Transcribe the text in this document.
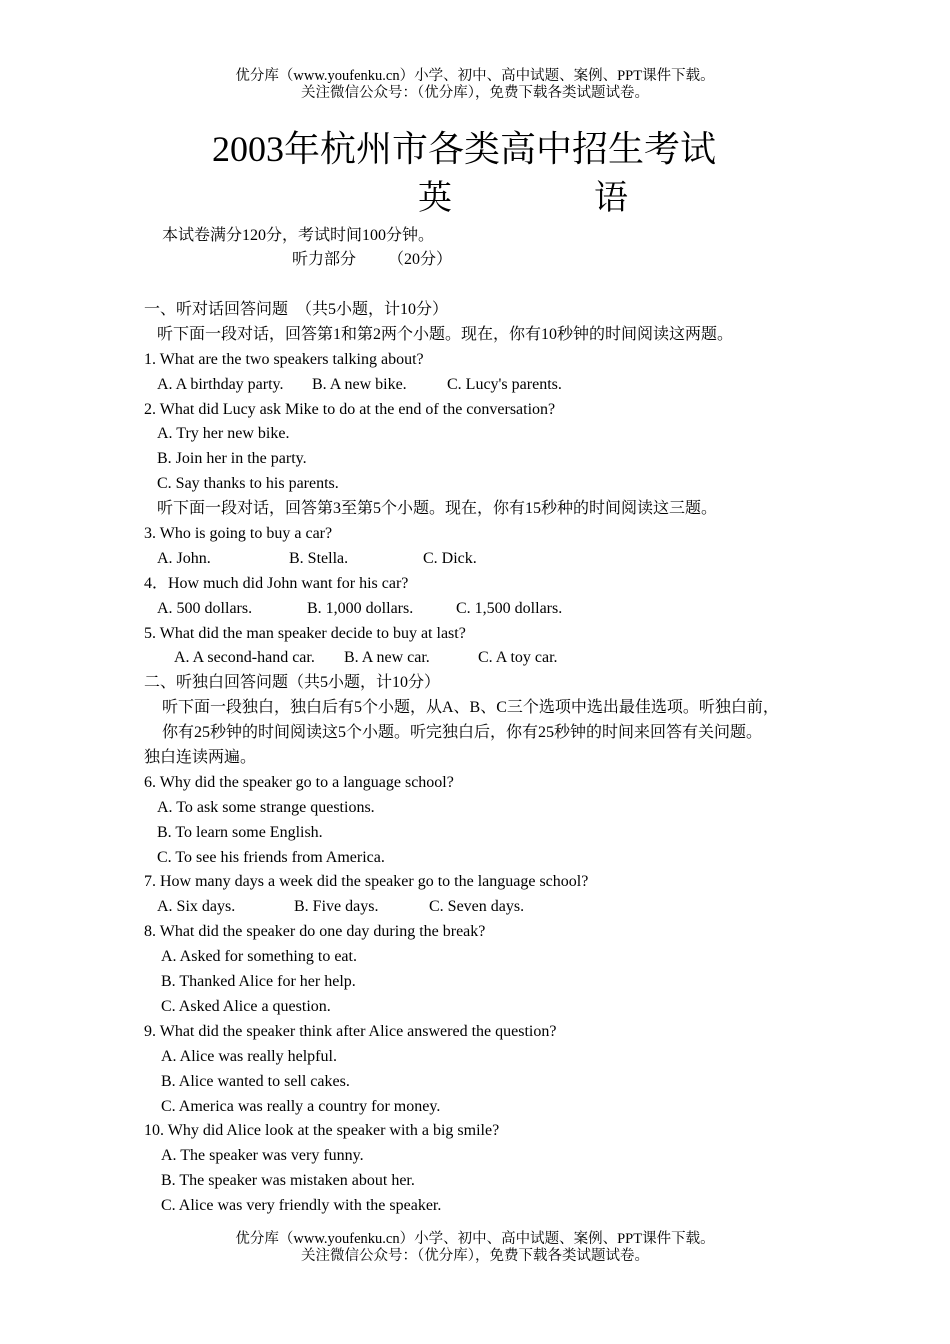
优分库（www.youfenku.cn）小学、初中、高中试题、案例、PPT课件下载。
关注微信公众号：（优分库），免费下载各类试题试卷。
2003年杭州市各类高中招生考试
英	语
本试卷满分120分，考试时间100分钟。
听力部分 （20分）
一、听对话回答问题　（共5小题，计10分）
听下面一段对话，回答第1和第2两个小题。现在，你有10秒钟的时间阅读这两题。
1. What are the two speakers talking about?
A. A birthday party. B. A new bike.	C. Lucy's parents.
2. What did Lucy ask Mike to do at the end of the conversation?
A. Try her new bike.
B. Join her in the party.
C. Say thanks to his parents.
听下面一段对话，回答第3至第5个小题。现在，你有15秒种的时间阅读这三题。
3. Who is going to buy a car?
A. John.	B. Stella.	C. Dick.
4．How much did John want for his car?
A. 500 dollars.	B. 1,000 dollars.	C. 1,500 dollars.
5. What did the man speaker decide to buy at last?
A. A second-hand car. B. A new car.	C. A toy car.
二、听独白回答问题（共5小题，计10分）
听下面一段独白，独白后有5个小题，从A、B、C三个选项中选出最佳选项。听独白前，
你有25秒钟的时间阅读这5个小题。听完独白后，你有25秒钟的时间来回答有关问题。
独白连读两遍。
6. Why did the speaker go to a language school?
A. To ask some strange questions.
B. To learn some English.
C. To see his friends from America.
7. How many days a week did the speaker go to the language school?
A. Six days.	B. Five days.	C. Seven days.
8. What did the speaker do one day during the break?
A. Asked for something to eat.
B. Thanked Alice for her help.
C. Asked Alice a question.
9. What did the speaker think after Alice answered the question?
A. Alice was really helpful.
B. Alice wanted to sell cakes.
C. America was really a country for money.
10. Why did Alice look at the speaker with a big smile?
A. The speaker was very funny.
B. The speaker was mistaken about her.
C. Alice was very friendly with the speaker.
优分库（www.youfenku.cn）小学、初中、高中试题、案例、PPT课件下载。
关注微信公众号：（优分库），免费下载各类试题试卷。
